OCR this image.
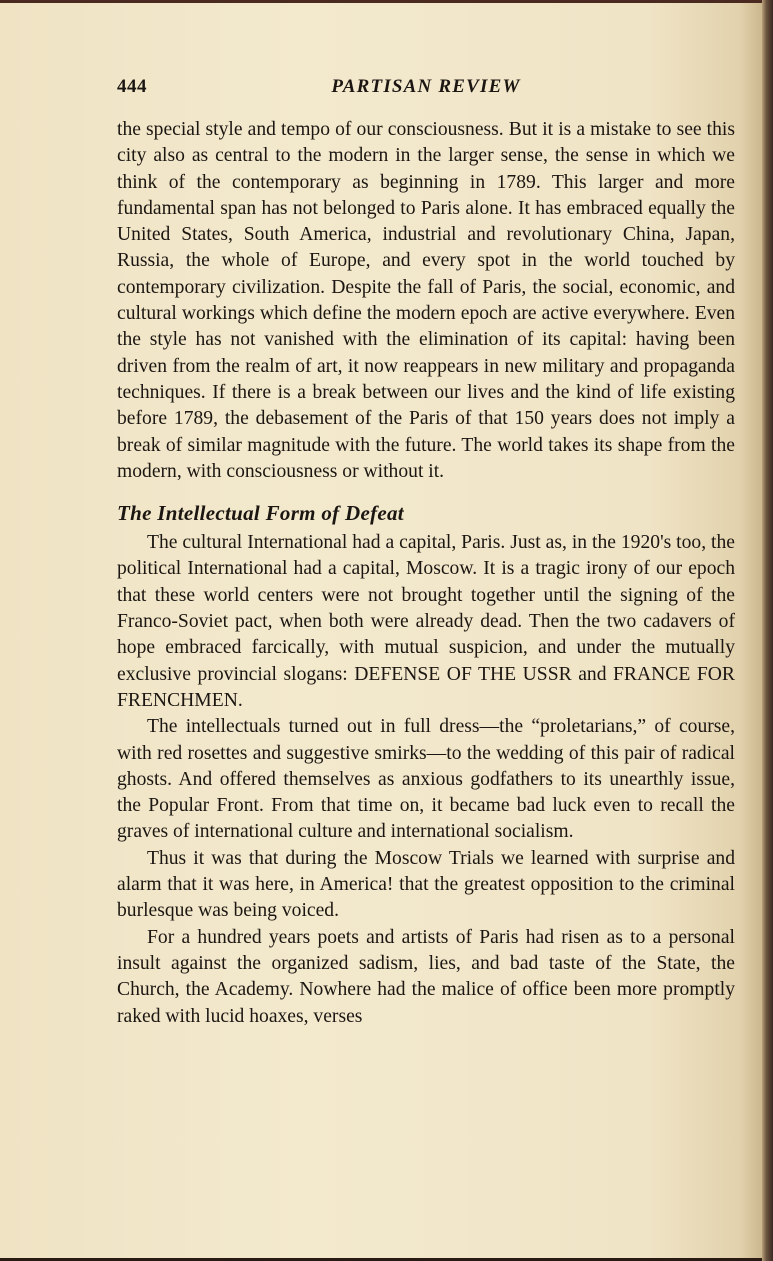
444	PARTISAN REVIEW

the special style and tempo of our consciousness. But it is a mistake to see this city also as central to the modern in the larger sense, the sense in which we think of the contemporary as beginning in 1789. This larger and more fundamental span has not belonged to Paris alone. It has embraced equally the United States, South America, industrial and revolutionary China, Japan, Russia, the whole of Europe, and every spot in the world touched by contemporary civilization. Despite the fall of Paris, the social, economic, and cultural workings which define the modern epoch are active everywhere. Even the style has not vanished with the elimination of its capital: having been driven from the realm of art, it now reappears in new military and propaganda techniques. If there is a break between our lives and the kind of life existing before 1789, the debasement of the Paris of that 150 years does not imply a break of similar magnitude with the future. The world takes its shape from the modern, with consciousness or without it.

The Intellectual Form of Defeat

The cultural International had a capital, Paris. Just as, in the 1920's too, the political International had a capital, Moscow. It is a tragic irony of our epoch that these world centers were not brought together until the signing of the Franco-Soviet pact, when both were already dead. Then the two cadavers of hope embraced farcically, with mutual suspicion, and under the mutually exclusive provincial slogans: DEFENSE OF THE USSR and FRANCE FOR FRENCHMEN.

The intellectuals turned out in full dress—the “proletarians,” of course, with red rosettes and suggestive smirks—to the wedding of this pair of radical ghosts. And offered themselves as anxious godfathers to its unearthly issue, the Popular Front. From that time on, it became bad luck even to recall the graves of international culture and international socialism.

Thus it was that during the Moscow Trials we learned with surprise and alarm that it was here, in America! that the greatest opposition to the criminal burlesque was being voiced.

For a hundred years poets and artists of Paris had risen as to a personal insult against the organized sadism, lies, and bad taste of the State, the Church, the Academy. Nowhere had the malice of office been more promptly raked with lucid hoaxes, verses
